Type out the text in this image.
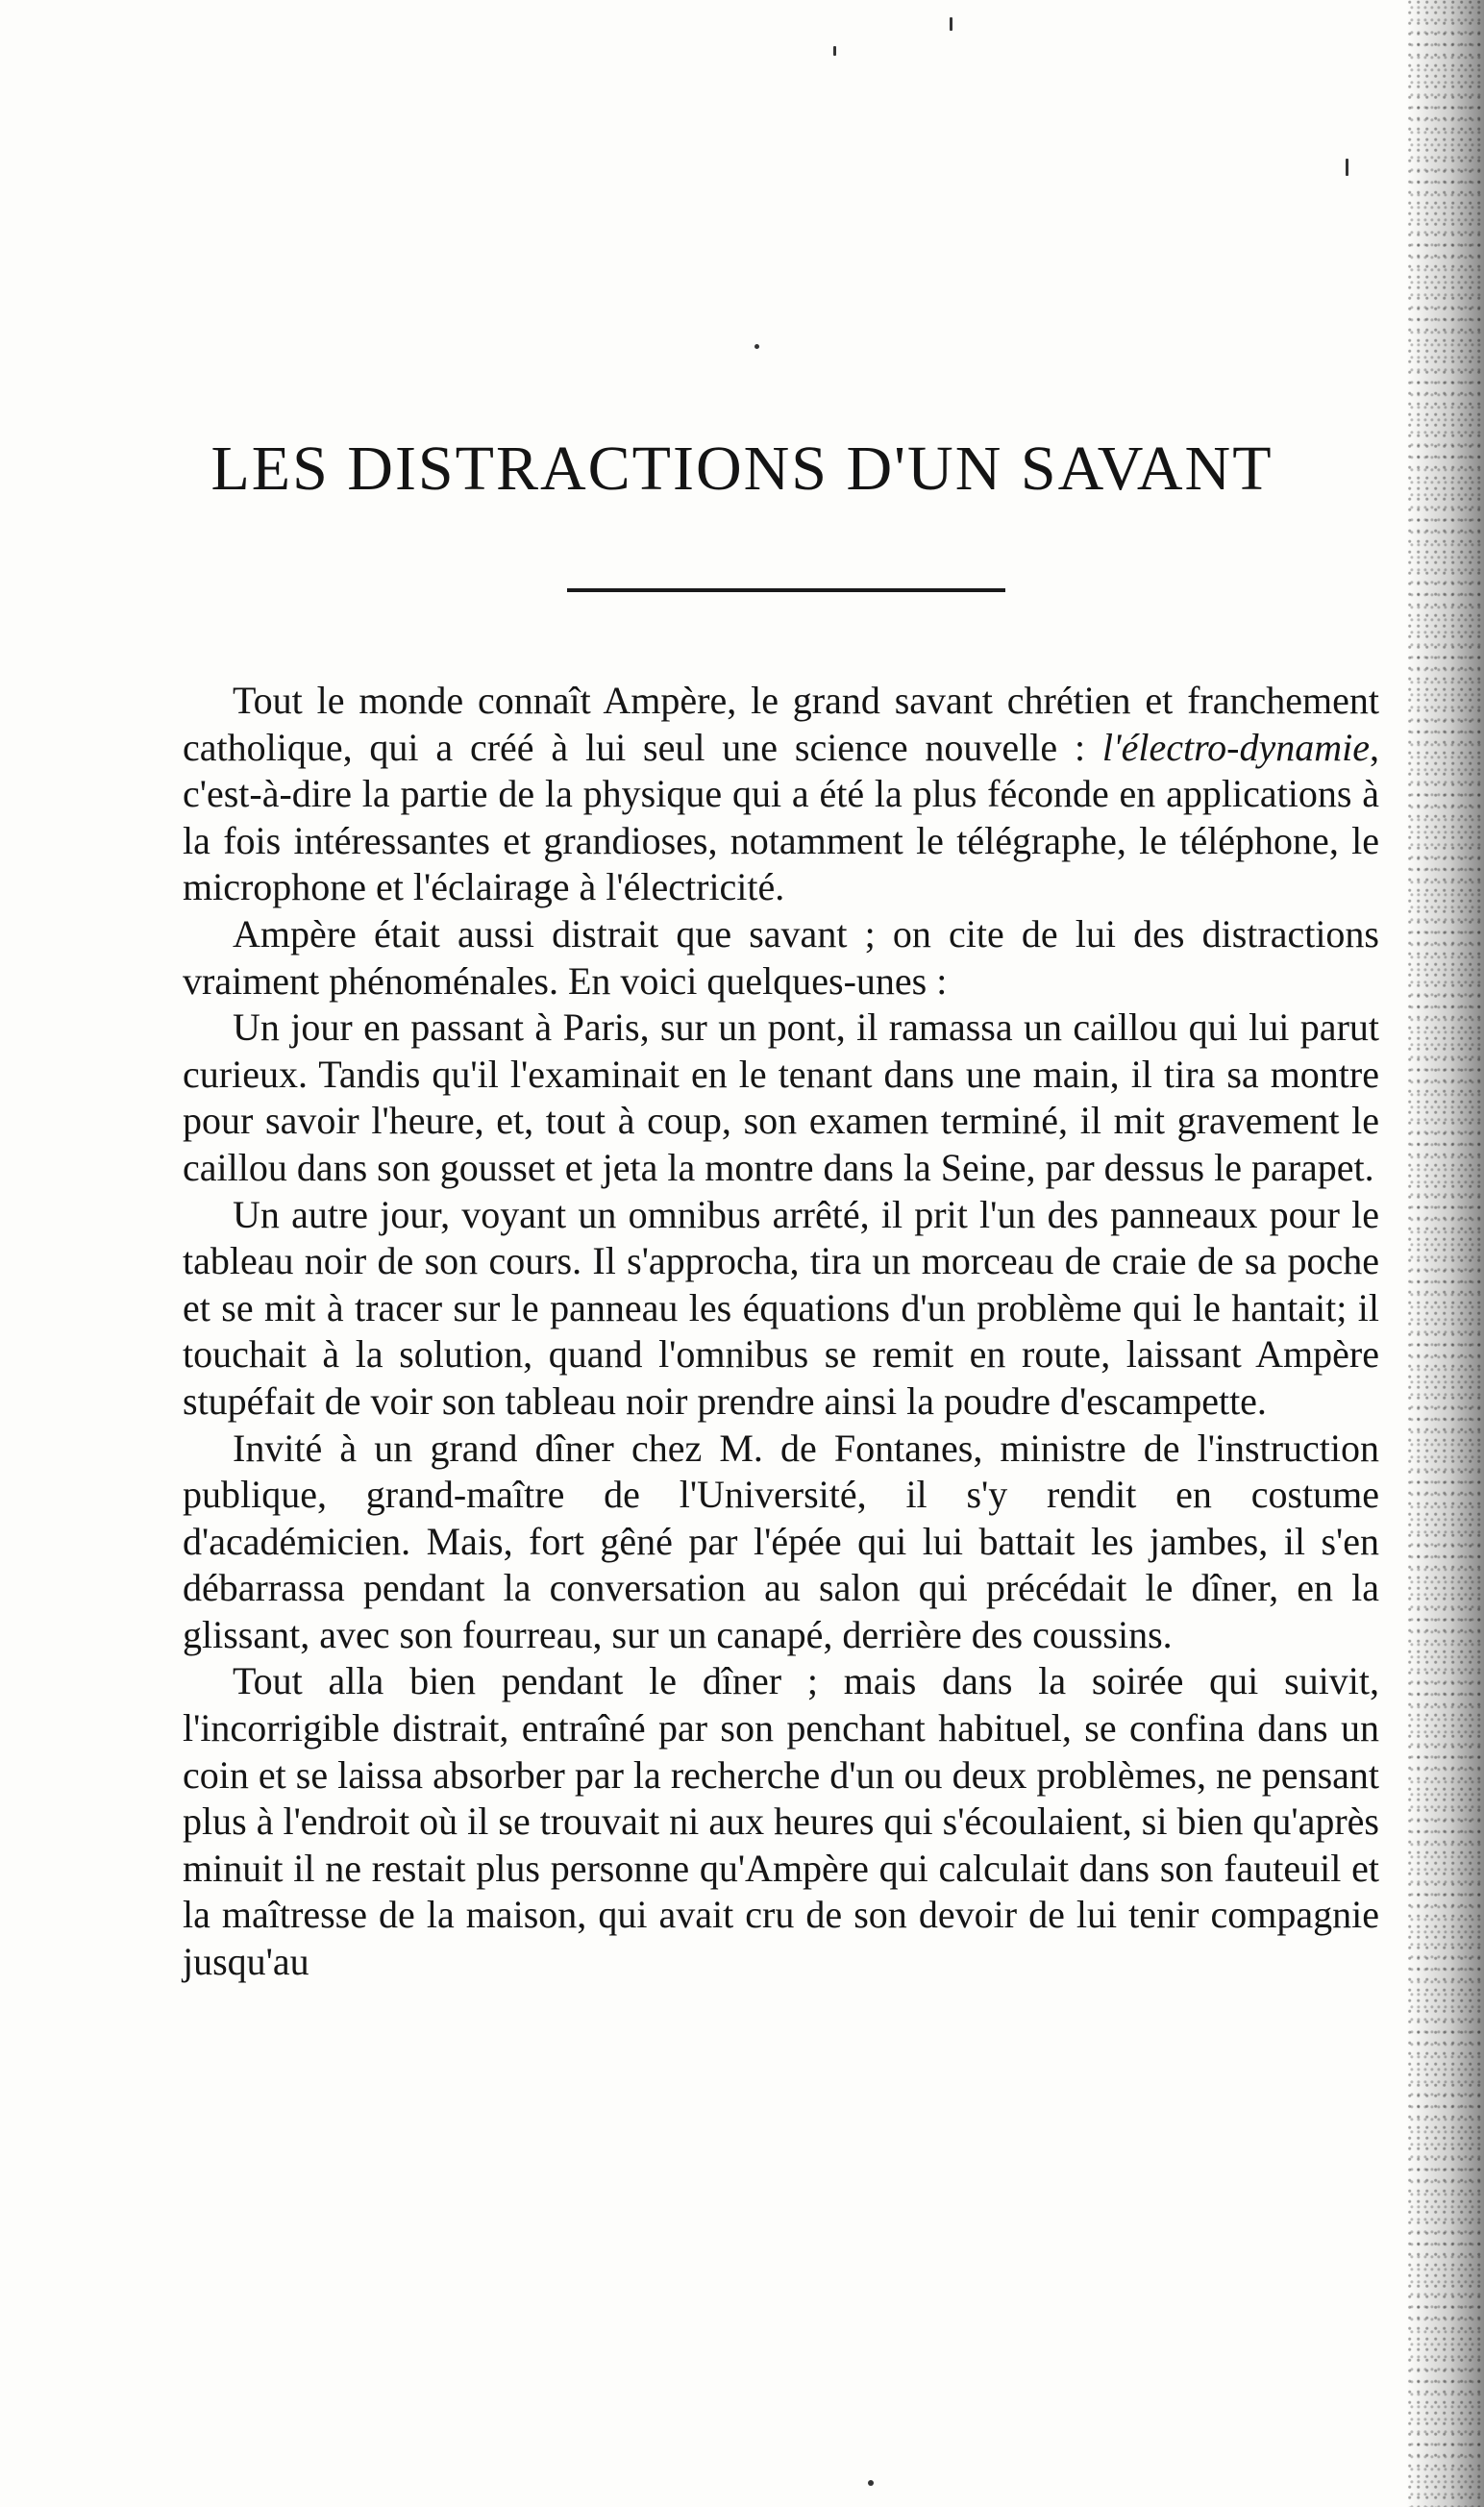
LES DISTRACTIONS D'UN SAVANT

Tout le monde connaît Ampère, le grand savant chrétien et franchement catholique, qui a créé à lui seul une science nouvelle : l'électro-dynamie, c'est-à-dire la partie de la physique qui a été la plus féconde en applications à la fois intéressantes et grandioses, notamment le télégraphe, le téléphone, le microphone et l'éclairage à l'électricité.

Ampère était aussi distrait que savant ; on cite de lui des distractions vraiment phénoménales. En voici quelques-unes :

Un jour en passant à Paris, sur un pont, il ramassa un caillou qui lui parut curieux. Tandis qu'il l'examinait en le tenant dans une main, il tira sa montre pour savoir l'heure, et, tout à coup, son examen terminé, il mit gravement le caillou dans son gousset et jeta la montre dans la Seine, par dessus le parapet.

Un autre jour, voyant un omnibus arrêté, il prit l'un des panneaux pour le tableau noir de son cours. Il s'approcha, tira un morceau de craie de sa poche et se mit à tracer sur le panneau les équations d'un problème qui le hantait; il touchait à la solution, quand l'omnibus se remit en route, laissant Ampère stupéfait de voir son tableau noir prendre ainsi la poudre d'escampette.

Invité à un grand dîner chez M. de Fontanes, ministre de l'instruction publique, grand-maître de l'Université, il s'y rendit en costume d'académicien. Mais, fort gêné par l'épée qui lui battait les jambes, il s'en débarrassa pendant la conversation au salon qui précédait le dîner, en la glissant, avec son fourreau, sur un canapé, derrière des coussins.

Tout alla bien pendant le dîner ; mais dans la soirée qui suivit, l'incorrigible distrait, entraîné par son penchant habituel, se confina dans un coin et se laissa absorber par la recherche d'un ou deux problèmes, ne pensant plus à l'endroit où il se trouvait ni aux heures qui s'écoulaient, si bien qu'après minuit il ne restait plus personne qu'Ampère qui calculait dans son fauteuil et la maîtresse de la maison, qui avait cru de son devoir de lui tenir compagnie jusqu'au
